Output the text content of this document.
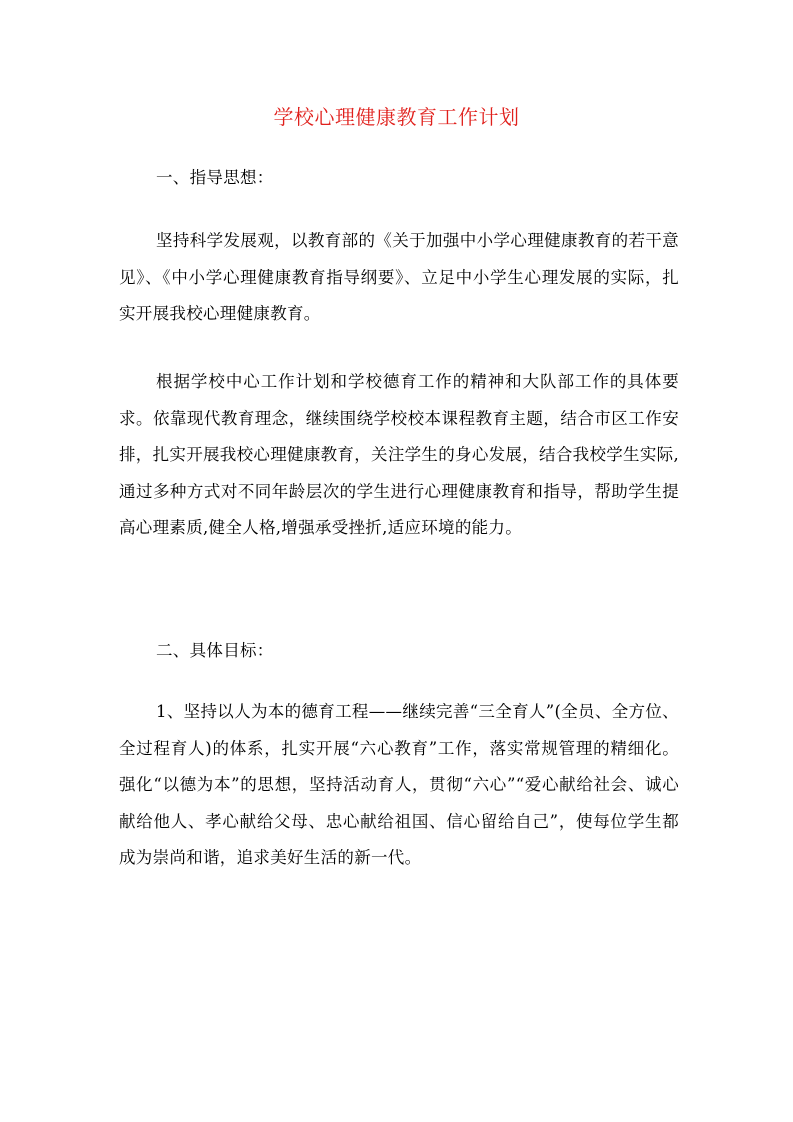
学校心理健康教育工作计划
一、指导思想：

坚持科学发展观，以教育部的《关于加强中小学心理健康教育的若干意见》、《中小学心理健康教育指导纲要》、立足中小学生心理发展的实际，扎实开展我校心理健康教育。

根据学校中心工作计划和学校德育工作的精神和大队部工作的具体要求。依靠现代教育理念，继续围绕学校校本课程教育主题，结合市区工作安排，扎实开展我校心理健康教育，关注学生的身心发展，结合我校学生实际,通过多种方式对不同年龄层次的学生进行心理健康教育和指导，帮助学生提高心理素质,健全人格,增强承受挫折,适应环境的能力。

二、具体目标：

1、坚持以人为本的德育工程——继续完善“三全育人”(全员、全方位、全过程育人)的体系，扎实开展“六心教育”工作，落实常规管理的精细化。强化“以德为本”的思想，坚持活动育人，贯彻“六心”“爱心献给社会、诚心献给他人、孝心献给父母、忠心献给祖国、信心留给自己”，使每位学生都成为崇尚和谐，追求美好生活的新一代。
